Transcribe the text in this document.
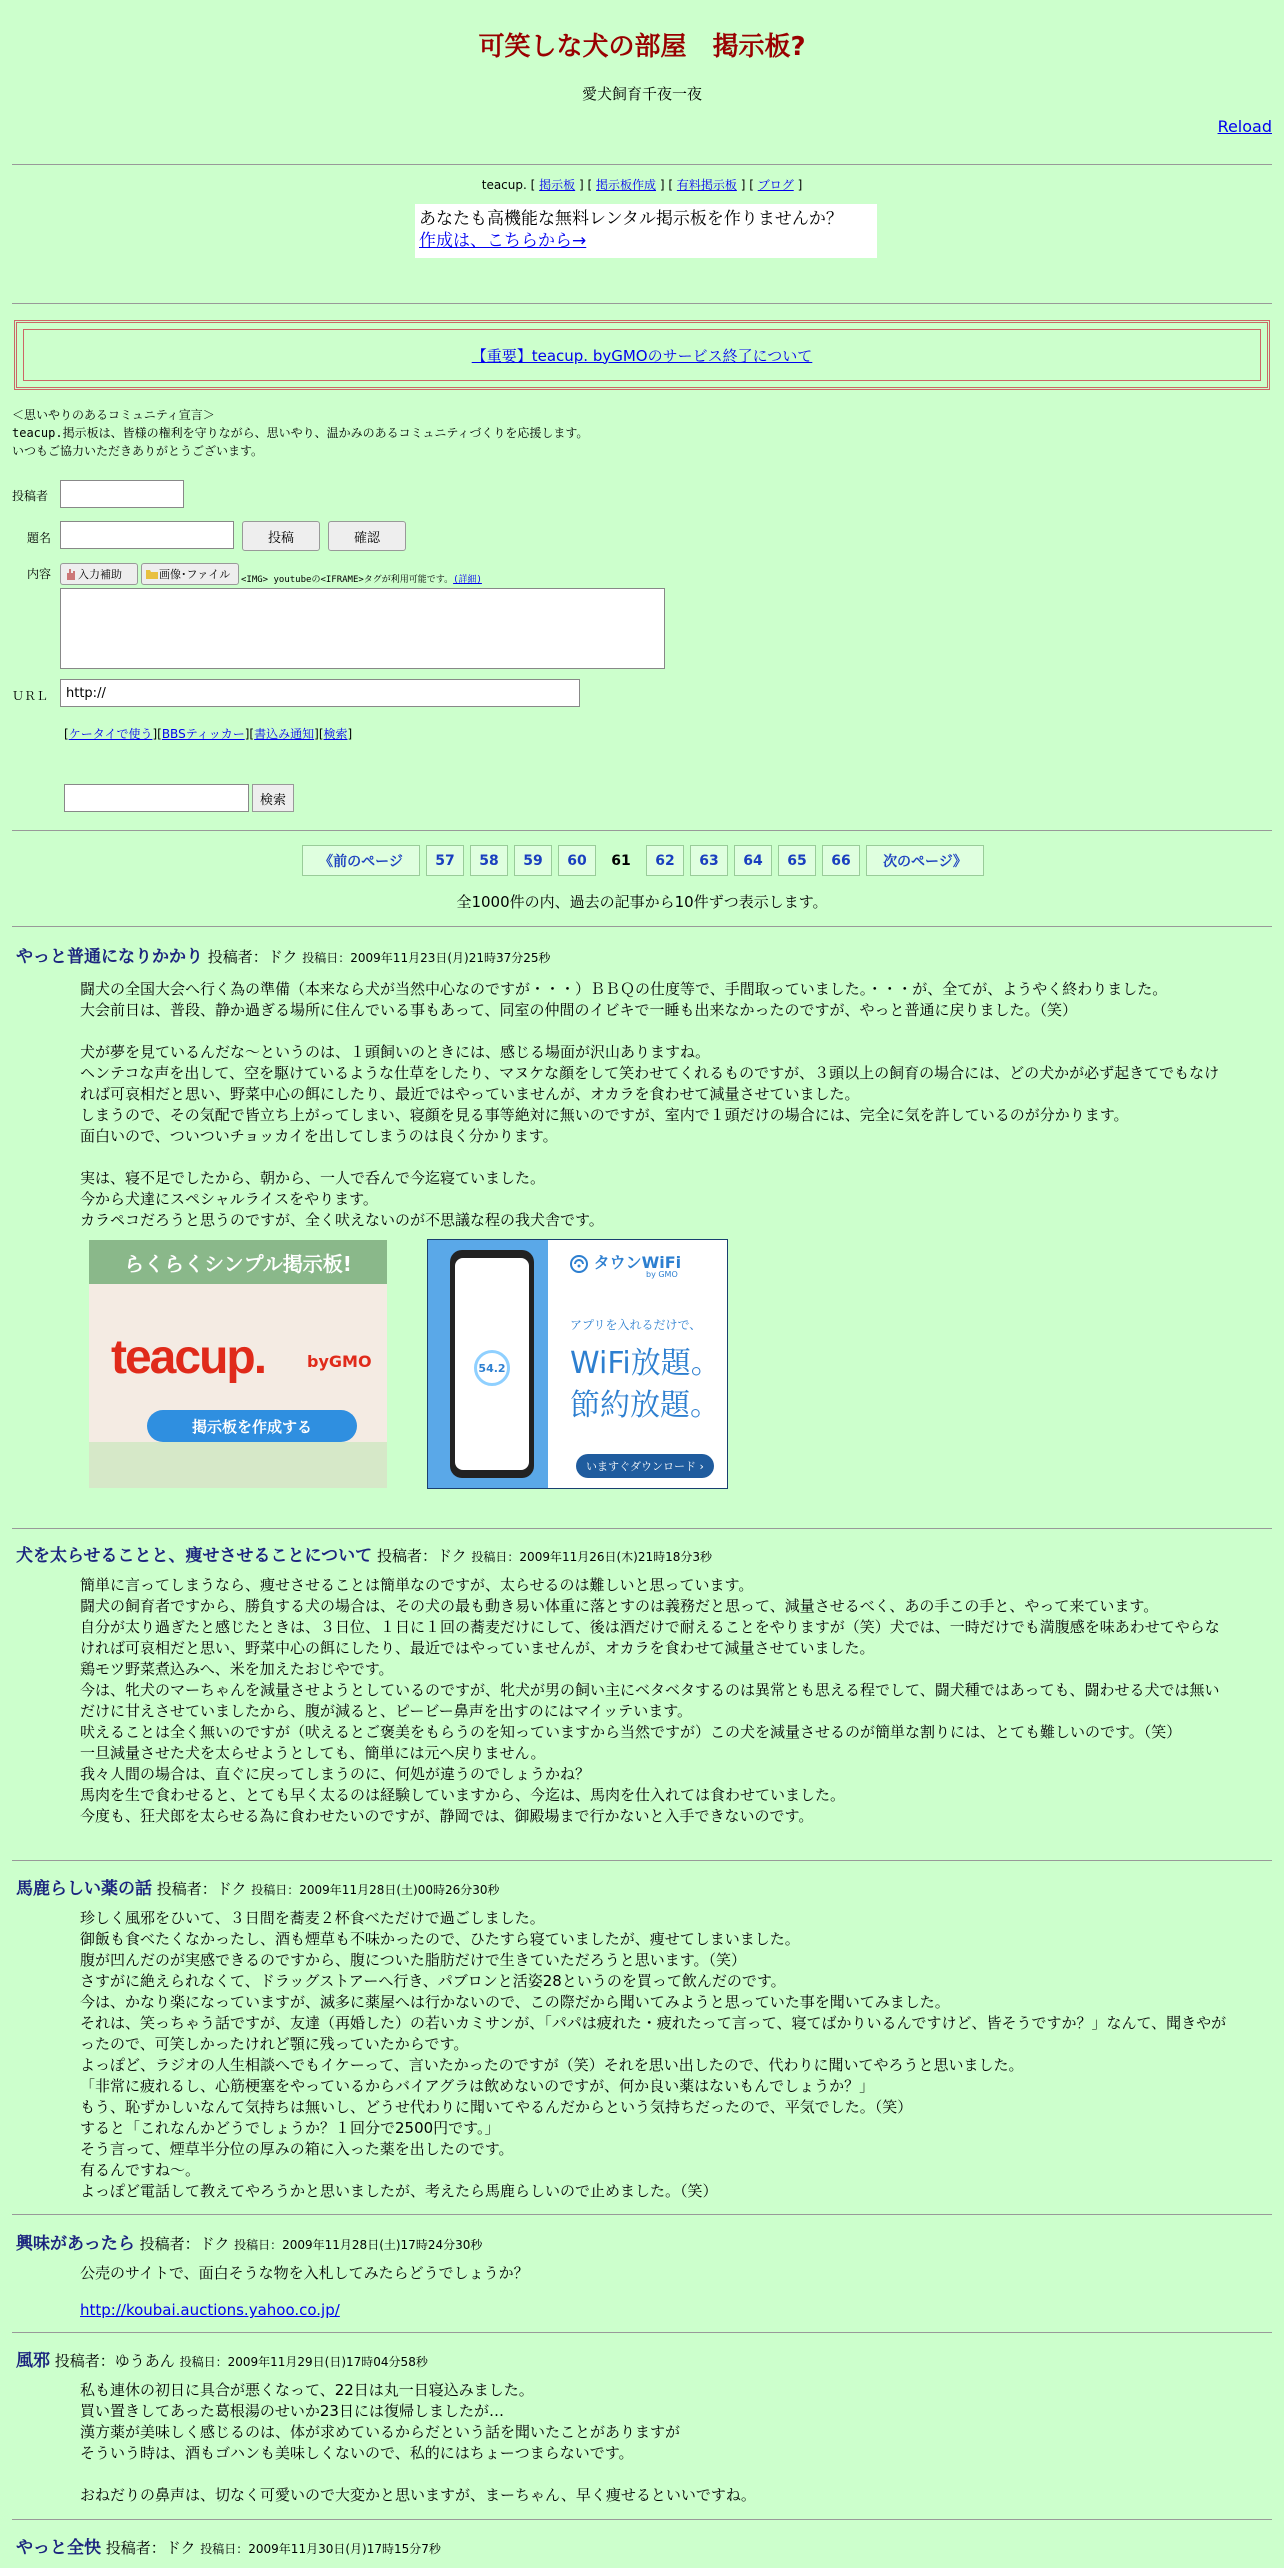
可笑しな犬の部屋　掲示板?
愛犬飼育千夜一夜
Reload
teacup. [ 掲示板 ] [ 掲示板作成 ] [ 有料掲示板 ] [ ブログ ]
あなたも高機能な無料レンタル掲示板を作りませんか？
作成は、こちらから→
【重要】teacup. byGMOのサービス終了について
＜思いやりのあるコミュニティ宣言＞
teacup.掲示板は、皆様の権利を守りながら、思いやり、温かみのあるコミュニティづくりを応援します。
いつもご協力いただきありがとうございます。
投稿者
題名	投稿	確認
内容 入力補助	画像･ファイル <IMG> youtubeの<IFRAME>タグが利用可能です。(詳細)
ＵＲＬ
http://
[ケータイで使う][BBSティッカー][書込み通知][検索]
検索
《前のページ	57	58	59	60	61	62	63	64	65	66	次のページ》
全1000件の内、過去の記事から10件ずつ表示します。
やっと普通になりかかり 投稿者：ドク 投稿日：2009年11月23日(月)21時37分25秒

闘犬の全国大会へ行く為の準備（本来なら犬が当然中心なのですが・・・）ＢＢＱの仕度等で、手間取っていました。・・・が、全てが、ようやく終わりました。

大会前日は、普段、静か過ぎる場所に住んでいる事もあって、同室の仲間のイビキで一睡も出来なかったのですが、やっと普通に戻りました。（笑）

犬が夢を見ているんだな～というのは、１頭飼いのときには、感じる場面が沢山ありますね。

ヘンテコな声を出して、空を駆けているような仕草をしたり、マヌケな顔をして笑わせてくれるものですが、３頭以上の飼育の場合には、どの犬かが必ず起きてでもなければ可哀相だと思い、野菜中心の餌にしたり、最近ではやっていませんが、オカラを食わせて減量させていました。

しまうので、その気配で皆立ち上がってしまい、寝顔を見る事等絶対に無いのですが、室内で１頭だけの場合には、完全に気を許しているのが分かります。

面白いので、ついついチョッカイを出してしまうのは良く分かります。

実は、寝不足でしたから、朝から、一人で呑んで今迄寝ていました。

今から犬達にスペシャルライスをやります。

カラペコだろうと思うのですが、全く吠えないのが不思議な程の我犬舎です。

らくらくシンプル掲示板!
teacup.	byGMO
掲示板を作成する
54.2
タウンWiFi
by GMO
アプリを入れるだけで、
WiFi放題。
節約放題。
いますぐダウンロード ›
犬を太らせることと、痩せさせることについて 投稿者：ドク 投稿日：2009年11月26日(木)21時18分3秒

簡単に言ってしまうなら、痩せさせることは簡単なのですが、太らせるのは難しいと思っています。

闘犬の飼育者ですから、勝負する犬の場合は、その犬の最も動き易い体重に落とすのは義務だと思って、減量させるべく、あの手この手と、やって来ています。

自分が太り過ぎたと感じたときは、３日位、１日に１回の蕎麦だけにして、後は酒だけで耐えることをやりますが（笑）犬では、一時だけでも満腹感を味あわせてやらなければ可哀相だと思い、野菜中心の餌にしたり、最近ではやっていませんが、オカラを食わせて減量させていました。

鶏モツ野菜煮込みへ、米を加えたおじやです。

今は、牝犬のマーちゃんを減量させようとしているのですが、牝犬が男の飼い主にベタベタするのは異常とも思える程でして、闘犬種ではあっても、闘わせる犬では無いだけに甘えさせていましたから、腹が減ると、ピービー鼻声を出すのにはマイッテいます。

吠えることは全く無いのですが（吠えるとご褒美をもらうのを知っていますから当然ですが）この犬を減量させるのが簡単な割りには、とても難しいのです。（笑）

一旦減量させた犬を太らせようとしても、簡単には元へ戻りません。

我々人間の場合は、直ぐに戻ってしまうのに、何処が違うのでしょうかね？

馬肉を生で食わせると、とても早く太るのは経験していますから、今迄は、馬肉を仕入れては食わせていました。

今度も、狂犬郎を太らせる為に食わせたいのですが、静岡では、御殿場まで行かないと入手できないのです。

馬鹿らしい薬の話 投稿者：ドク 投稿日：2009年11月28日(土)00時26分30秒

珍しく風邪をひいて、３日間を蕎麦２杯食べただけで過ごしました。

御飯も食べたくなかったし、酒も煙草も不味かったので、ひたすら寝ていましたが、痩せてしまいました。

腹が凹んだのが実感できるのですから、腹についた脂肪だけで生きていただろうと思います。（笑）

さすがに絶えられなくて、ドラッグストアーへ行き、パブロンと活姿28というのを買って飲んだのです。

今は、かなり楽になっていますが、滅多に薬屋へは行かないので、この際だから聞いてみようと思っていた事を聞いてみました。

それは、笑っちゃう話ですが、友達（再婚した）の若いカミサンが、「パパは疲れた・疲れたって言って、寝てばかりいるんですけど、皆そうですか？」なんて、聞きやがったので、可笑しかったけれど顎に残っていたからです。

よっぽど、ラジオの人生相談へでもイケーって、言いたかったのですが（笑）それを思い出したので、代わりに聞いてやろうと思いました。

「非常に疲れるし、心筋梗塞をやっているからバイアグラは飲めないのですが、何か良い薬はないもんでしょうか？」

もう、恥ずかしいなんて気持ちは無いし、どうせ代わりに聞いてやるんだからという気持ちだったので、平気でした。（笑）

すると「これなんかどうでしょうか？１回分で2500円です。」

そう言って、煙草半分位の厚みの箱に入った薬を出したのです。

有るんですね～。

よっぽど電話して教えてやろうかと思いましたが、考えたら馬鹿らしいので止めました。（笑）

興味があったら 投稿者：ドク 投稿日：2009年11月28日(土)17時24分30秒

公売のサイトで、面白そうな物を入札してみたらどうでしょうか？

http://koubai.auctions.yahoo.co.jp/

風邪 投稿者：ゆうあん 投稿日：2009年11月29日(日)17時04分58秒

私も連休の初日に具合が悪くなって、22日は丸一日寝込みました。

買い置きしてあった葛根湯のせいか23日には復帰しましたが…

漢方薬が美味しく感じるのは、体が求めているからだという話を聞いたことがありますが

そういう時は、酒もゴハンも美味しくないので、私的にはちょーつまらないです。

おねだりの鼻声は、切なく可愛いので大変かと思いますが、まーちゃん、早く痩せるといいですね。

やっと全快 投稿者：ドク 投稿日：2009年11月30日(月)17時15分7秒
